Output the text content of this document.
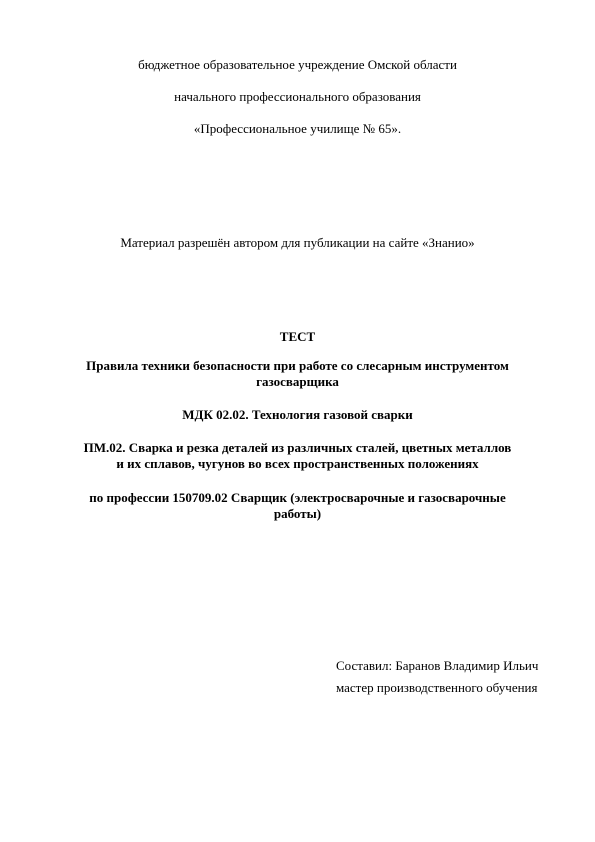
бюджетное образовательное учреждение Омской области
начального профессионального образования
«Профессиональное училище № 65».
Материал разрешён автором для публикации на сайте «Знанио»
ТЕСТ
Правила техники безопасности при работе со слесарным инструментом
газосварщика
МДК 02.02. Технология газовой сварки
ПМ.02. Сварка и резка деталей из различных сталей, цветных металлов
и их сплавов, чугунов во всех пространственных положениях
по профессии 150709.02 Сварщик (электросварочные и газосварочные
работы)
Составил: Баранов Владимир Ильич
мастер производственного обучения
